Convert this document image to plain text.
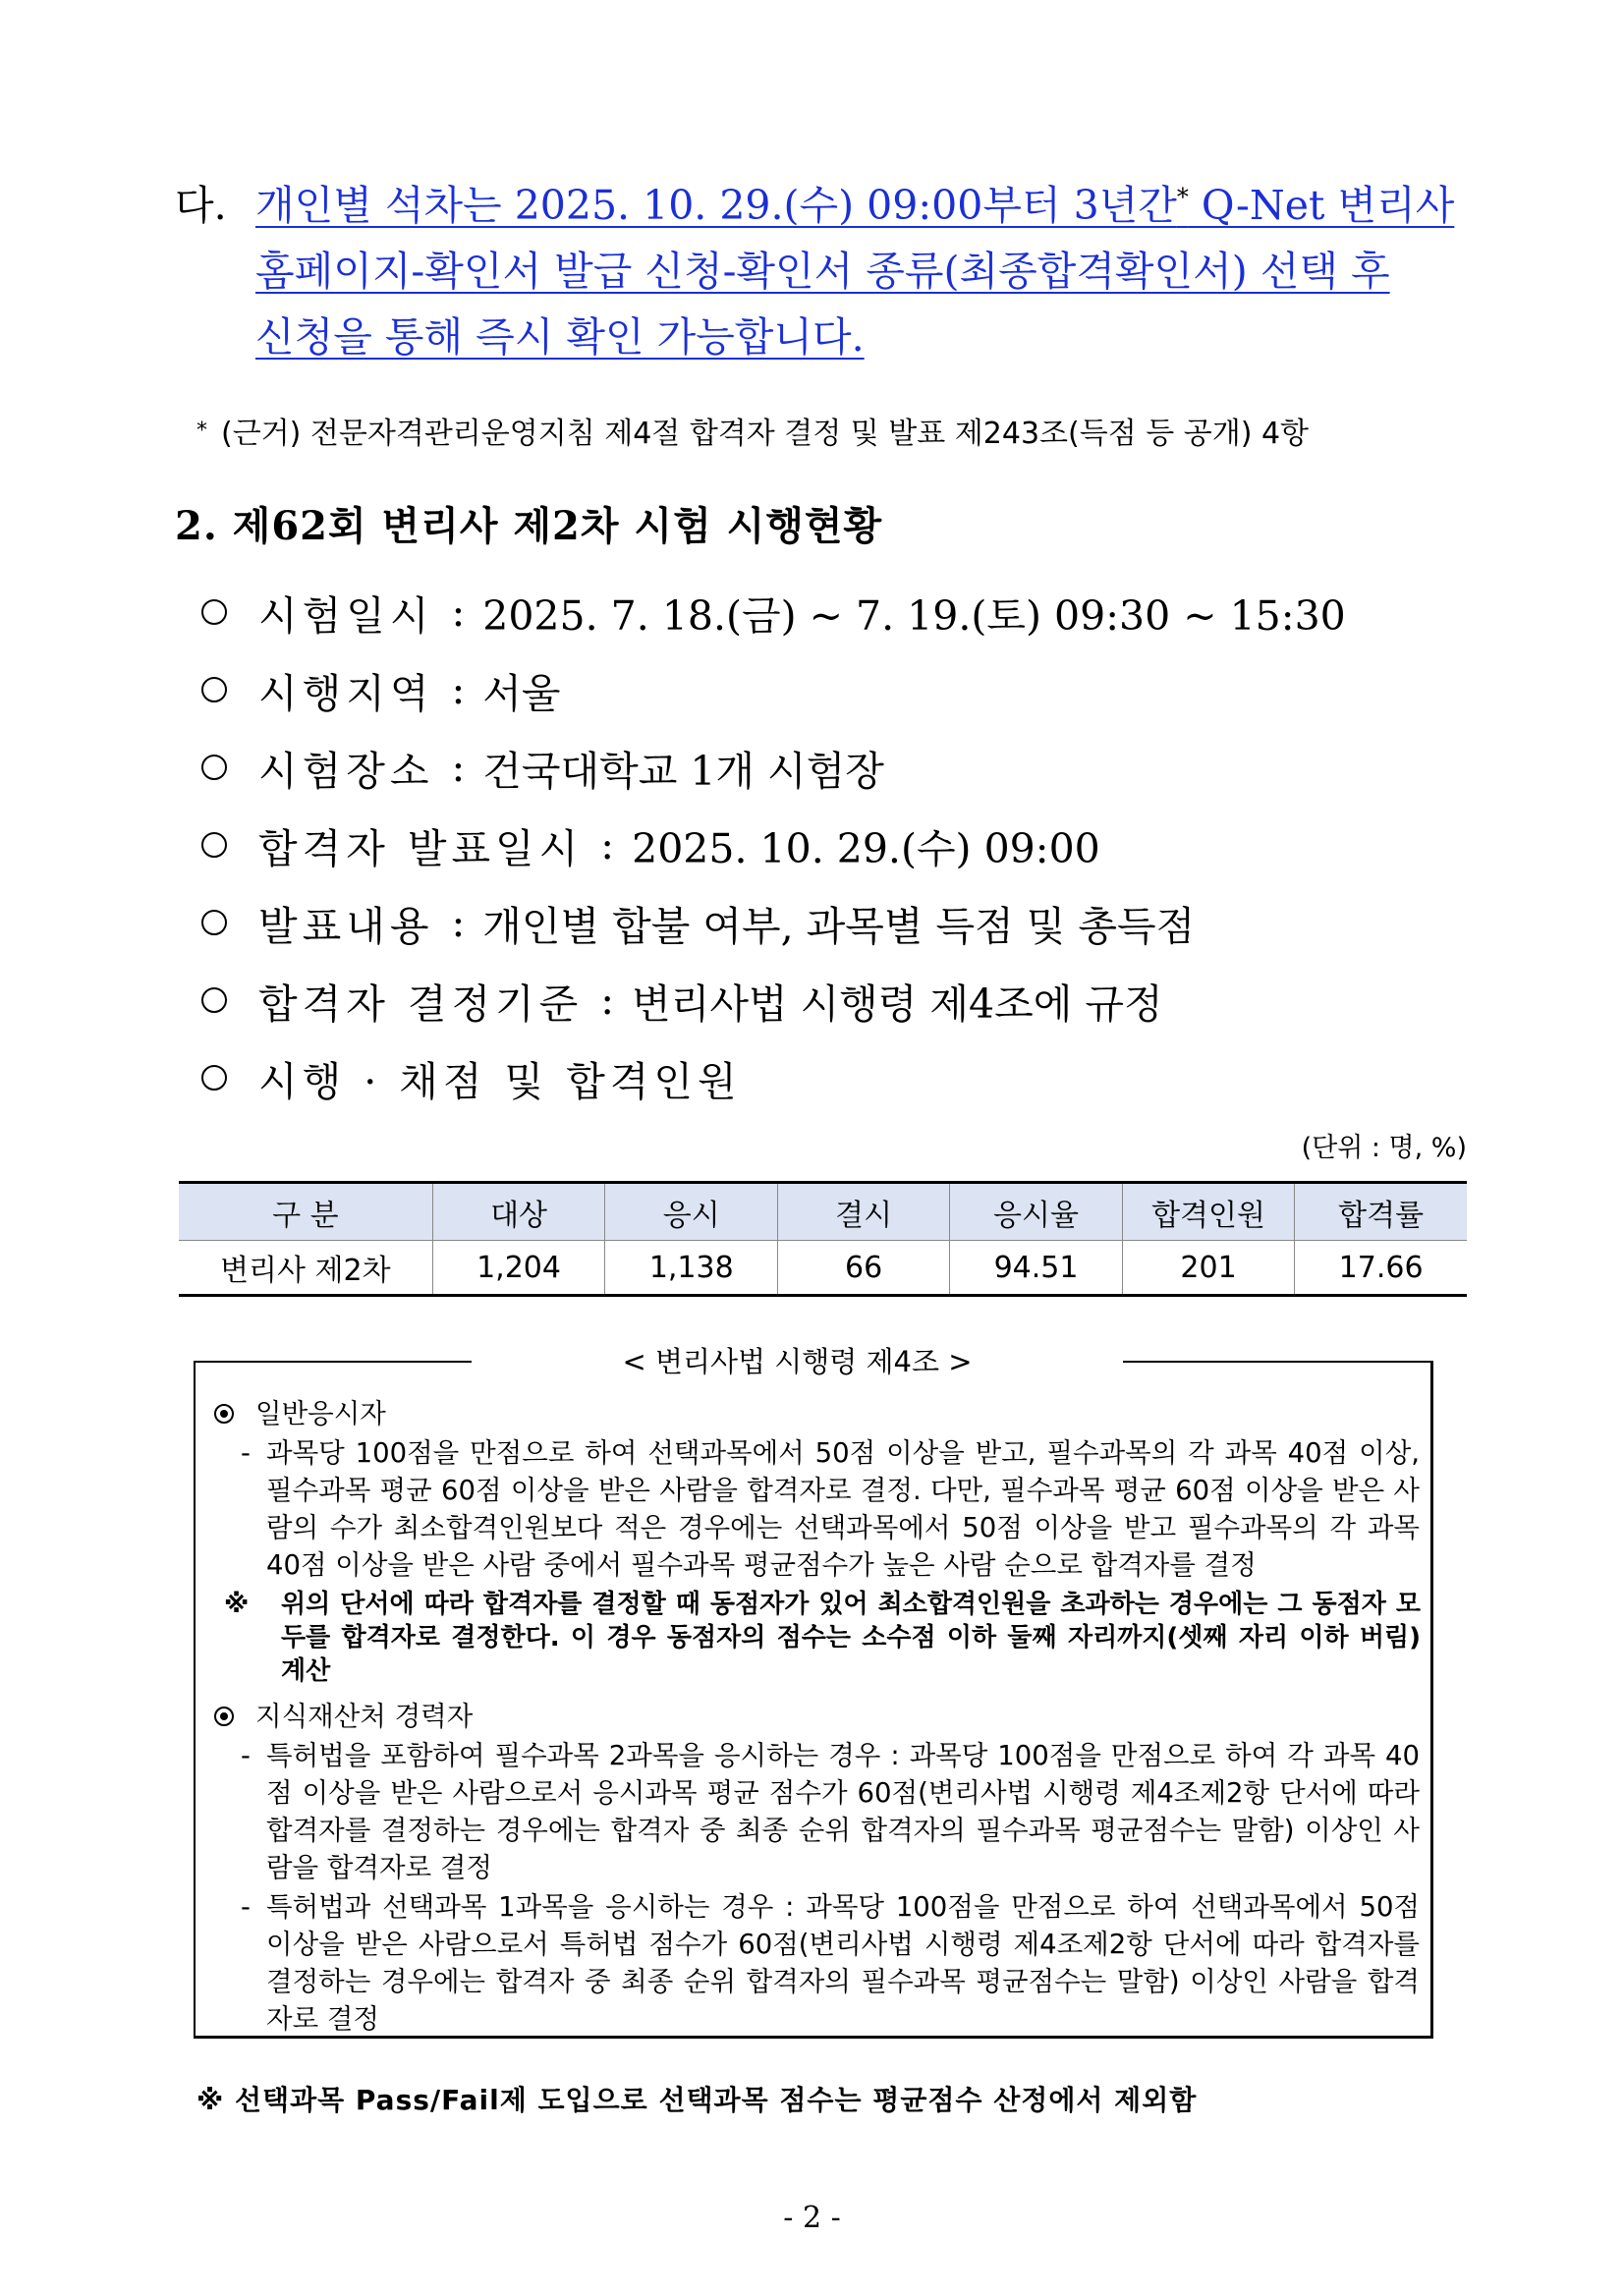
다. 개인별 석차는 2025. 10. 29.(수) 09:00부터 3년간* Q-Net 변리사
홈페이지-확인서 발급 신청-확인서 종류(최종합격확인서) 선택 후
신청을 통해 즉시 확인 가능합니다.
* (근거) 전문자격관리운영지침 제4절 합격자 결정 및 발표 제243조(득점 등 공개) 4항
2. 제62회 변리사 제2차 시험 시행현황
시험일시 : 2025. 7. 18.(금) ~ 7. 19.(토) 09:30 ~ 15:30
시행지역 : 서울
시험장소 : 건국대학교 1개 시험장
합격자 발표일시 : 2025. 10. 29.(수) 09:00
발표내용 : 개인별 합불 여부, 과목별 득점 및 총득점
합격자 결정기준 : 변리사법 시행령 제4조에 규정
시행 · 채점 및 합격인원
(단위 : 명, %)
구 분	대상	응시	결시	응시율	합격인원	합격률
변리사 제2차	1,204	1,138	66	94.51	201	17.66
< 변리사법 시행령 제4조 >
일반응시자
- 과목당 100점을 만점으로 하여 선택과목에서 50점 이상을 받고, 필수과목의 각 과목 40점 이상, 필수과목 평균 60점 이상을 받은 사람을 합격자로 결정. 다만, 필수과목 평균 60점 이상을 받은 사람의 수가 최소합격인원보다 적은 경우에는 선택과목에서 50점 이상을 받고 필수과목의 각 과목 40점 이상을 받은 사람 중에서 필수과목 평균점수가 높은 사람 순으로 합격자를 결정
※ 위의 단서에 따라 합격자를 결정할 때 동점자가 있어 최소합격인원을 초과하는 경우에는 그 동점자 모두를 합격자로 결정한다. 이 경우 동점자의 점수는 소수점 이하 둘째 자리까지(셋째 자리 이하 버림) 계산
지식재산처 경력자
- 특허법을 포함하여 필수과목 2과목을 응시하는 경우 : 과목당 100점을 만점으로 하여 각 과목 40점 이상을 받은 사람으로서 응시과목 평균 점수가 60점(변리사법 시행령 제4조제2항 단서에 따라 합격자를 결정하는 경우에는 합격자 중 최종 순위 합격자의 필수과목 평균점수는 말함) 이상인 사람을 합격자로 결정
- 특허법과 선택과목 1과목을 응시하는 경우 : 과목당 100점을 만점으로 하여 선택과목에서 50점 이상을 받은 사람으로서 특허법 점수가 60점(변리사법 시행령 제4조제2항 단서에 따라 합격자를 결정하는 경우에는 합격자 중 최종 순위 합격자의 필수과목 평균점수는 말함) 이상인 사람을 합격자로 결정
※ 선택과목 Pass/Fail제 도입으로 선택과목 점수는 평균점수 산정에서 제외함
- 2 -
